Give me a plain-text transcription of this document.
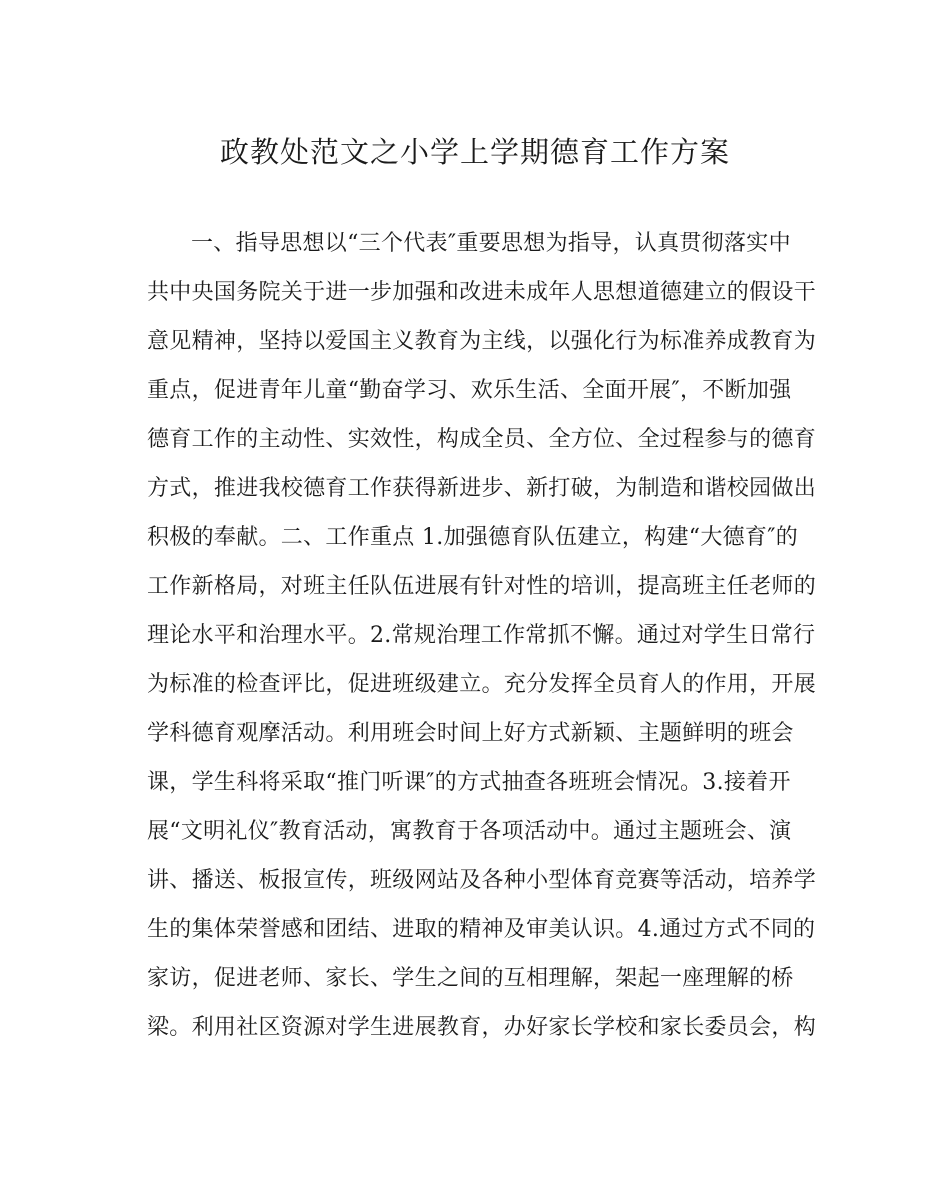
政教处范文之小学上学期德育工作方案
一、指导思想以“三个代表″重要思想为指导，认真贯彻落实中
共中央国务院关于进一步加强和改进未成年人思想道德建立的假设干
意见精神，坚持以爱国主义教育为主线，以强化行为标准养成教育为
重点，促进青年儿童“勤奋学习、欢乐生活、全面开展″，不断加强
德育工作的主动性、实效性，构成全员、全方位、全过程参与的德育
方式，推进我校德育工作获得新进步、新打破，为制造和谐校园做出
积极的奉献。二、工作重点 1.加强德育队伍建立，构建“大德育″的
工作新格局，对班主任队伍进展有针对性的培训，提高班主任老师的
理论水平和治理水平。2.常规治理工作常抓不懈。通过对学生日常行
为标准的检查评比，促进班级建立。充分发挥全员育人的作用，开展
学科德育观摩活动。利用班会时间上好方式新颖、主题鲜明的班会
课，学生科将采取“推门听课″的方式抽查各班班会情况。3.接着开
展“文明礼仪″教育活动，寓教育于各项活动中。通过主题班会、演
讲、播送、板报宣传，班级网站及各种小型体育竞赛等活动，培养学
生的集体荣誉感和团结、进取的精神及审美认识。4.通过方式不同的
家访，促进老师、家长、学生之间的互相理解，架起一座理解的桥
梁。利用社区资源对学生进展教育，办好家长学校和家长委员会，构
